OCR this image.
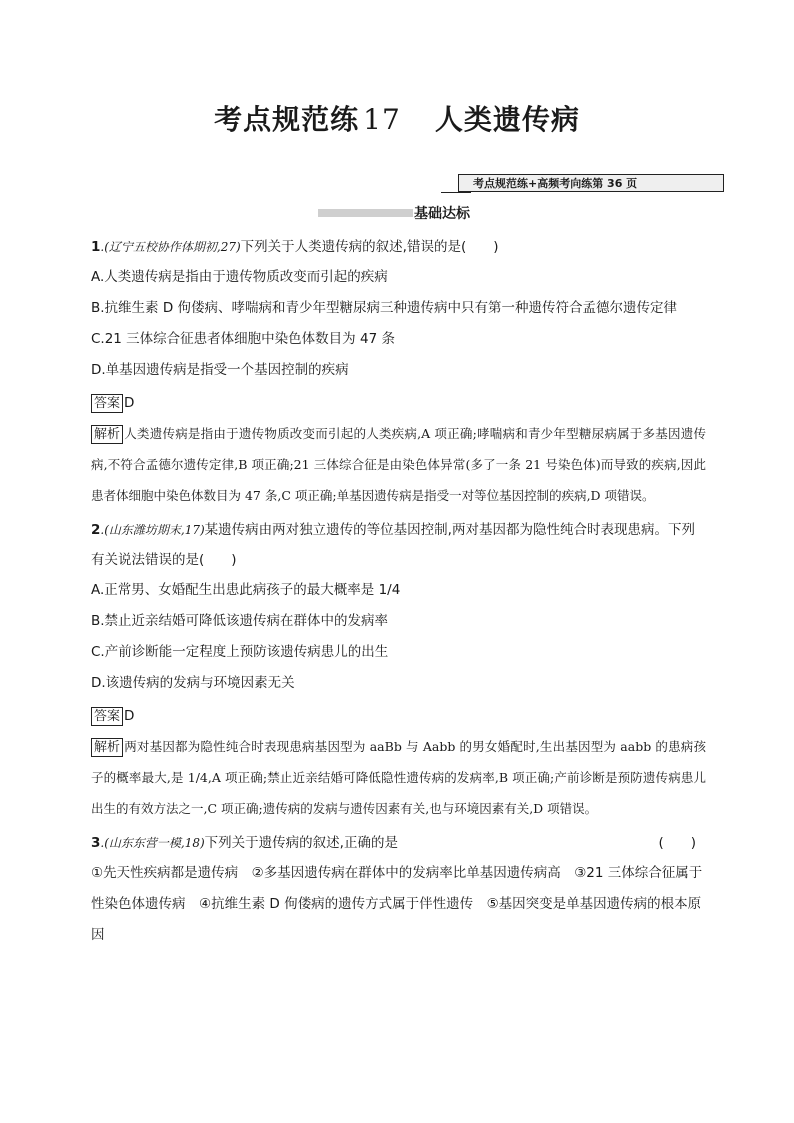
考点规范练 17 人类遗传病
考点规范练+高频考向练第 36 页
基础达标
1.(辽宁五校协作体期初,27)下列关于人类遗传病的叙述,错误的是(　　)
A.人类遗传病是指由于遗传物质改变而引起的疾病
B.抗维生素 D 佝偻病、哮喘病和青少年型糖尿病三种遗传病中只有第一种遗传符合孟德尔遗传定律
C.21 三体综合征患者体细胞中染色体数目为 47 条
D.单基因遗传病是指受一个基因控制的疾病
答案 D
解析 人类遗传病是指由于遗传物质改变而引起的人类疾病,A 项正确;哮喘病和青少年型糖尿病属于多基因遗传病,不符合孟德尔遗传定律,B 项正确;21 三体综合征是由染色体异常(多了一条 21 号染色体)而导致的疾病,因此患者体细胞中染色体数目为 47 条,C 项正确;单基因遗传病是指受一对等位基因控制的疾病,D 项错误。
2.(山东潍坊期末,17)某遗传病由两对独立遗传的等位基因控制,两对基因都为隐性纯合时表现患病。下列有关说法错误的是(　　)
A.正常男、女婚配生出患此病孩子的最大概率是 1/4
B.禁止近亲结婚可降低该遗传病在群体中的发病率
C.产前诊断能一定程度上预防该遗传病患儿的出生
D.该遗传病的发病与环境因素无关
答案 D
解析 两对基因都为隐性纯合时表现患病基因型为 aaBb 与 Aabb 的男女婚配时,生出基因型为 aabb 的患病孩子的概率最大,是 1/4,A 项正确;禁止近亲结婚可降低隐性遗传病的发病率,B 项正确;产前诊断是预防遗传病患儿出生的有效方法之一,C 项正确;遗传病的发病与遗传因素有关,也与环境因素有关,D 项错误。
3.(山东东营一模,18)下列关于遗传病的叙述,正确的是	(　　)
①先天性疾病都是遗传病　②多基因遗传病在群体中的发病率比单基因遗传病高　③21 三体综合征属于性染色体遗传病　④抗维生素 D 佝偻病的遗传方式属于伴性遗传　⑤基因突变是单基因遗传病的根本原因
